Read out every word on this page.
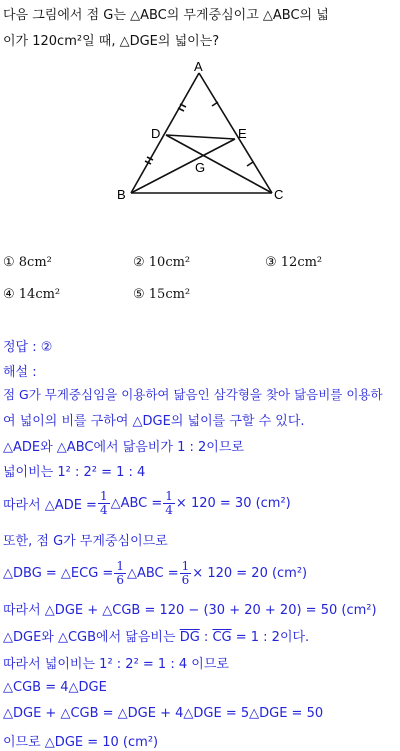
다음 그림에서 점 G는 △ABC의 무게중심이고 △ABC의 넓
이가 120cm²일 때, △DGE의 넓이는?
A
B	C
D	E
G
① 8cm²	② 10cm²	③ 12cm²
④ 14cm²	⑤ 15cm²
정답 : ②
해설 :
점 G가 무게중심임을 이용하여 닮음인 삼각형을 찾아 닮음비를 이용하
여 넓이의 비를 구하여 △DGE의 넓이를 구할 수 있다.
△ADE와 △ABC에서 닮음비가 1 : 2이므로
넓이비는 1² : 2² = 1 : 4
따라서 △ADE = $\frac{1}{4}$ △ABC = $\frac{1}{4} \times 120 = 30$ (cm²)
또한, 점 G가 무게중심이므로
△DBG = △ECG = $\frac{1}{6}$ △ABC = $\frac{1}{6} \times 120 = 20$ (cm²)
따라서 △DGE + △CGB = 120 − (30 + 20 + 20) = 50 (cm²)
△DGE와 △CGB에서 닮음비는 $\overline{DG}$ : $\overline{CG} = 1$ : 2이다.
따라서 넓이비는 1² : 2² = 1 : 4 이므로
△CGB = 4△DGE
△DGE + △CGB = △DGE + 4△DGE = 5△DGE = 50
이므로 △DGE = 10 (cm²)
